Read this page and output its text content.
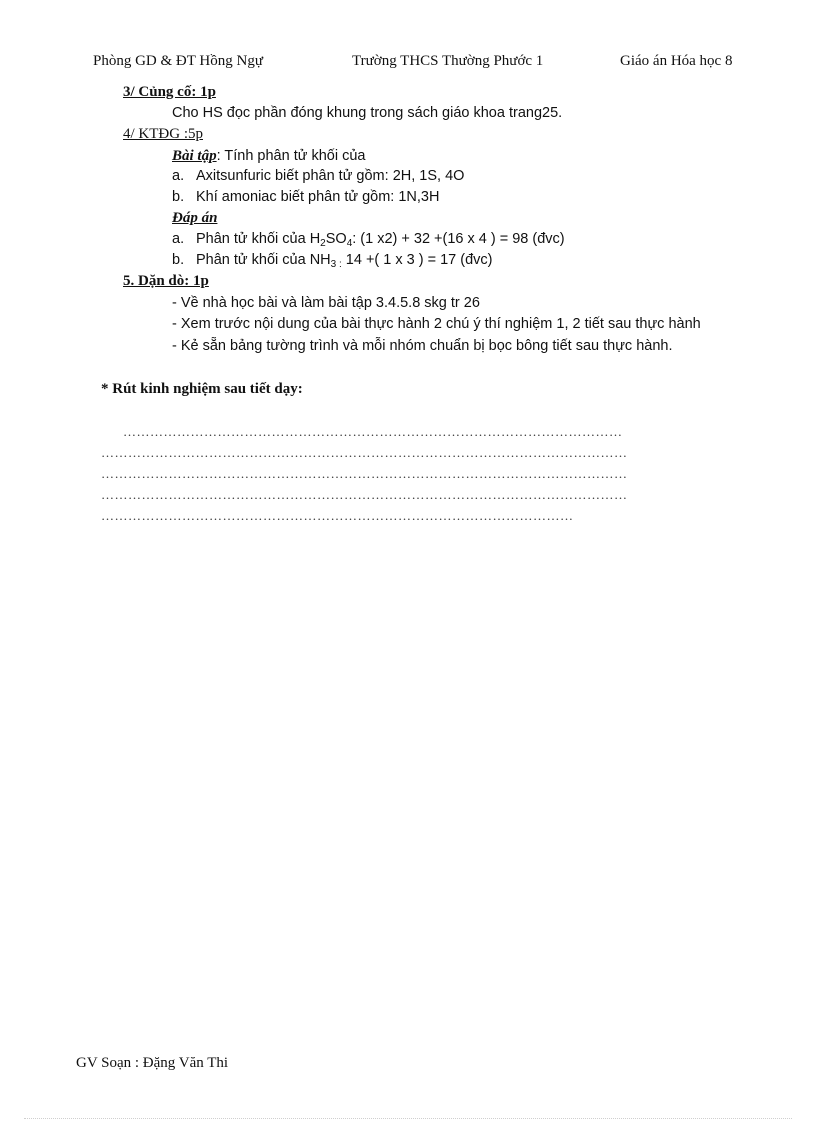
Phòng GD & ĐT Hồng Ngự	Trường THCS Thường Phước 1	Giáo án Hóa học 8
3/ Củng cố: 1p
Cho HS đọc phần đóng khung trong sách giáo khoa trang25.
4/ KTĐG :5p
Bài tập: Tính phân tử khối của
a. Axitsunfuric biết phân tử gồm: 2H, 1S, 4O
b. Khí amoniac biết phân tử gồm: 1N,3H
Đáp án
a. Phân tử khối của $H_2SO_4$: (1 x2) + 32 +(16 x 4 ) = 98 (đvc)
b. Phân tử khối của $NH_{3 :}$ 14 +( 1 x 3 ) = 17 (đvc)
5. Dặn dò: 1p
- Về nhà học bài và làm bài tập 3.4.5.8 skg tr 26
- Xem trước nội dung của bài thực hành 2 chú ý thí nghiệm 1, 2 tiết sau thực hành
- Kẻ sẵn bảng tường trình và mỗi nhóm chuẩn bị bọc bông tiết sau thực hành.
* Rút kinh nghiệm sau tiết dạy:
…………………………………………………………………………………………………
………………………………………………………………………………………………………
………………………………………………………………………………………………………
………………………………………………………………………………………………………
……………………………………………………………………………………………
GV Soạn : Đặng Văn Thi
